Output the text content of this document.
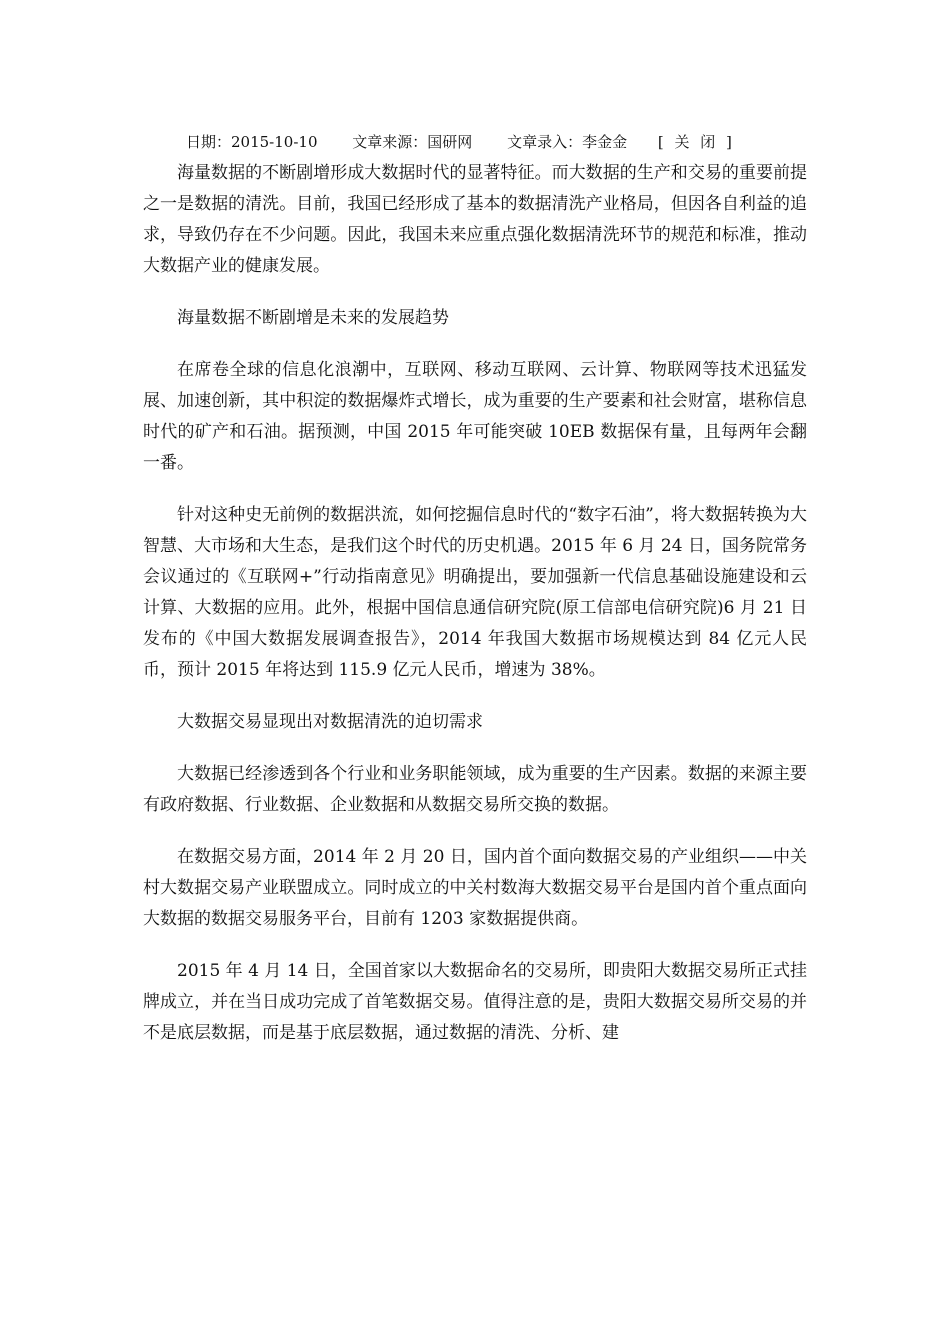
日期：2015-10-10 文章来源：国研网 文章录入：李金金 [ 关 闭 ]

海量数据的不断剧增形成大数据时代的显著特征。而大数据的生产和交易的重要前提之一是数据的清洗。目前，我国已经形成了基本的数据清洗产业格局，但因各自利益的追求，导致仍存在不少问题。因此，我国未来应重点强化数据清洗环节的规范和标准，推动大数据产业的健康发展。

海量数据不断剧增是未来的发展趋势

在席卷全球的信息化浪潮中，互联网、移动互联网、云计算、物联网等技术迅猛发展、加速创新，其中积淀的数据爆炸式增长，成为重要的生产要素和社会财富，堪称信息时代的矿产和石油。据预测，中国 2015 年可能突破 10EB 数据保有量，且每两年会翻一番。

针对这种史无前例的数据洪流，如何挖掘信息时代的“数字石油”，将大数据转换为大智慧、大市场和大生态，是我们这个时代的历史机遇。2015 年 6 月 24 日，国务院常务会议通过的《互联网+”行动指南意见》明确提出，要加强新一代信息基础设施建设和云计算、大数据的应用。此外，根据中国信息通信研究院(原工信部电信研究院)6 月 21 日发布的《中国大数据发展调查报告》，2014 年我国大数据市场规模达到 84 亿元人民币，预计 2015 年将达到 115.9 亿元人民币，增速为 38%。

大数据交易显现出对数据清洗的迫切需求

大数据已经渗透到各个行业和业务职能领域，成为重要的生产因素。数据的来源主要有政府数据、行业数据、企业数据和从数据交易所交换的数据。

在数据交易方面，2014 年 2 月 20 日，国内首个面向数据交易的产业组织——中关村大数据交易产业联盟成立。同时成立的中关村数海大数据交易平台是国内首个重点面向大数据的数据交易服务平台，目前有 1203 家数据提供商。

2015 年 4 月 14 日，全国首家以大数据命名的交易所，即贵阳大数据交易所正式挂牌成立，并在当日成功完成了首笔数据交易。值得注意的是，贵阳大数据交易所交易的并不是底层数据，而是基于底层数据，通过数据的清洗、分析、建
